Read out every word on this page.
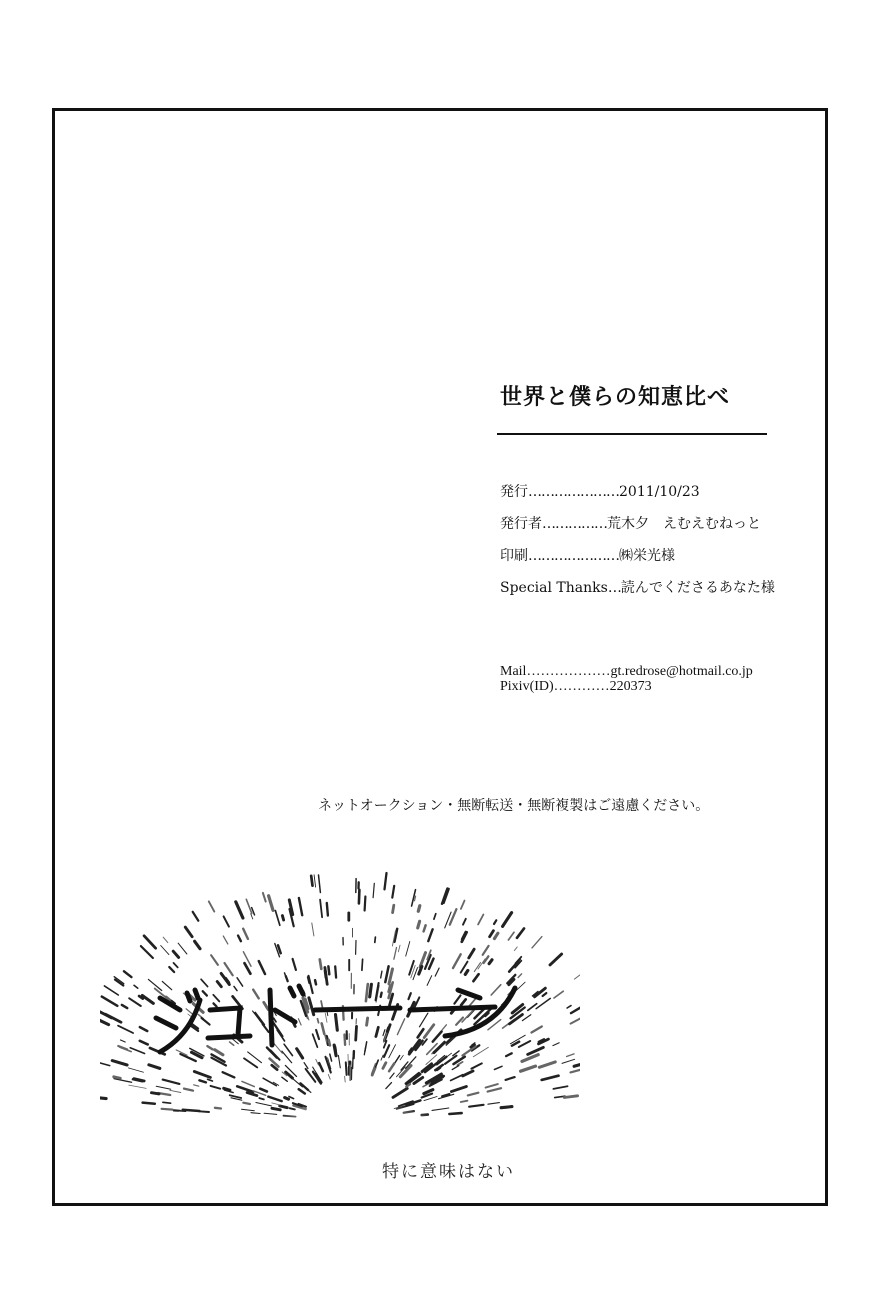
世界と僕らの知恵比べ
発行…………………2011/10/23
発行者……………荒木夕　えむえむねっと
印刷…………………㈱栄光様
Special Thanks…読んでくださるあなた様
Mail………………gt.redrose@hotmail.co.jp
Pixiv(ID)…………220373
ネットオークション・無断転送・無断複製はご遠慮ください。
特に意味はない
